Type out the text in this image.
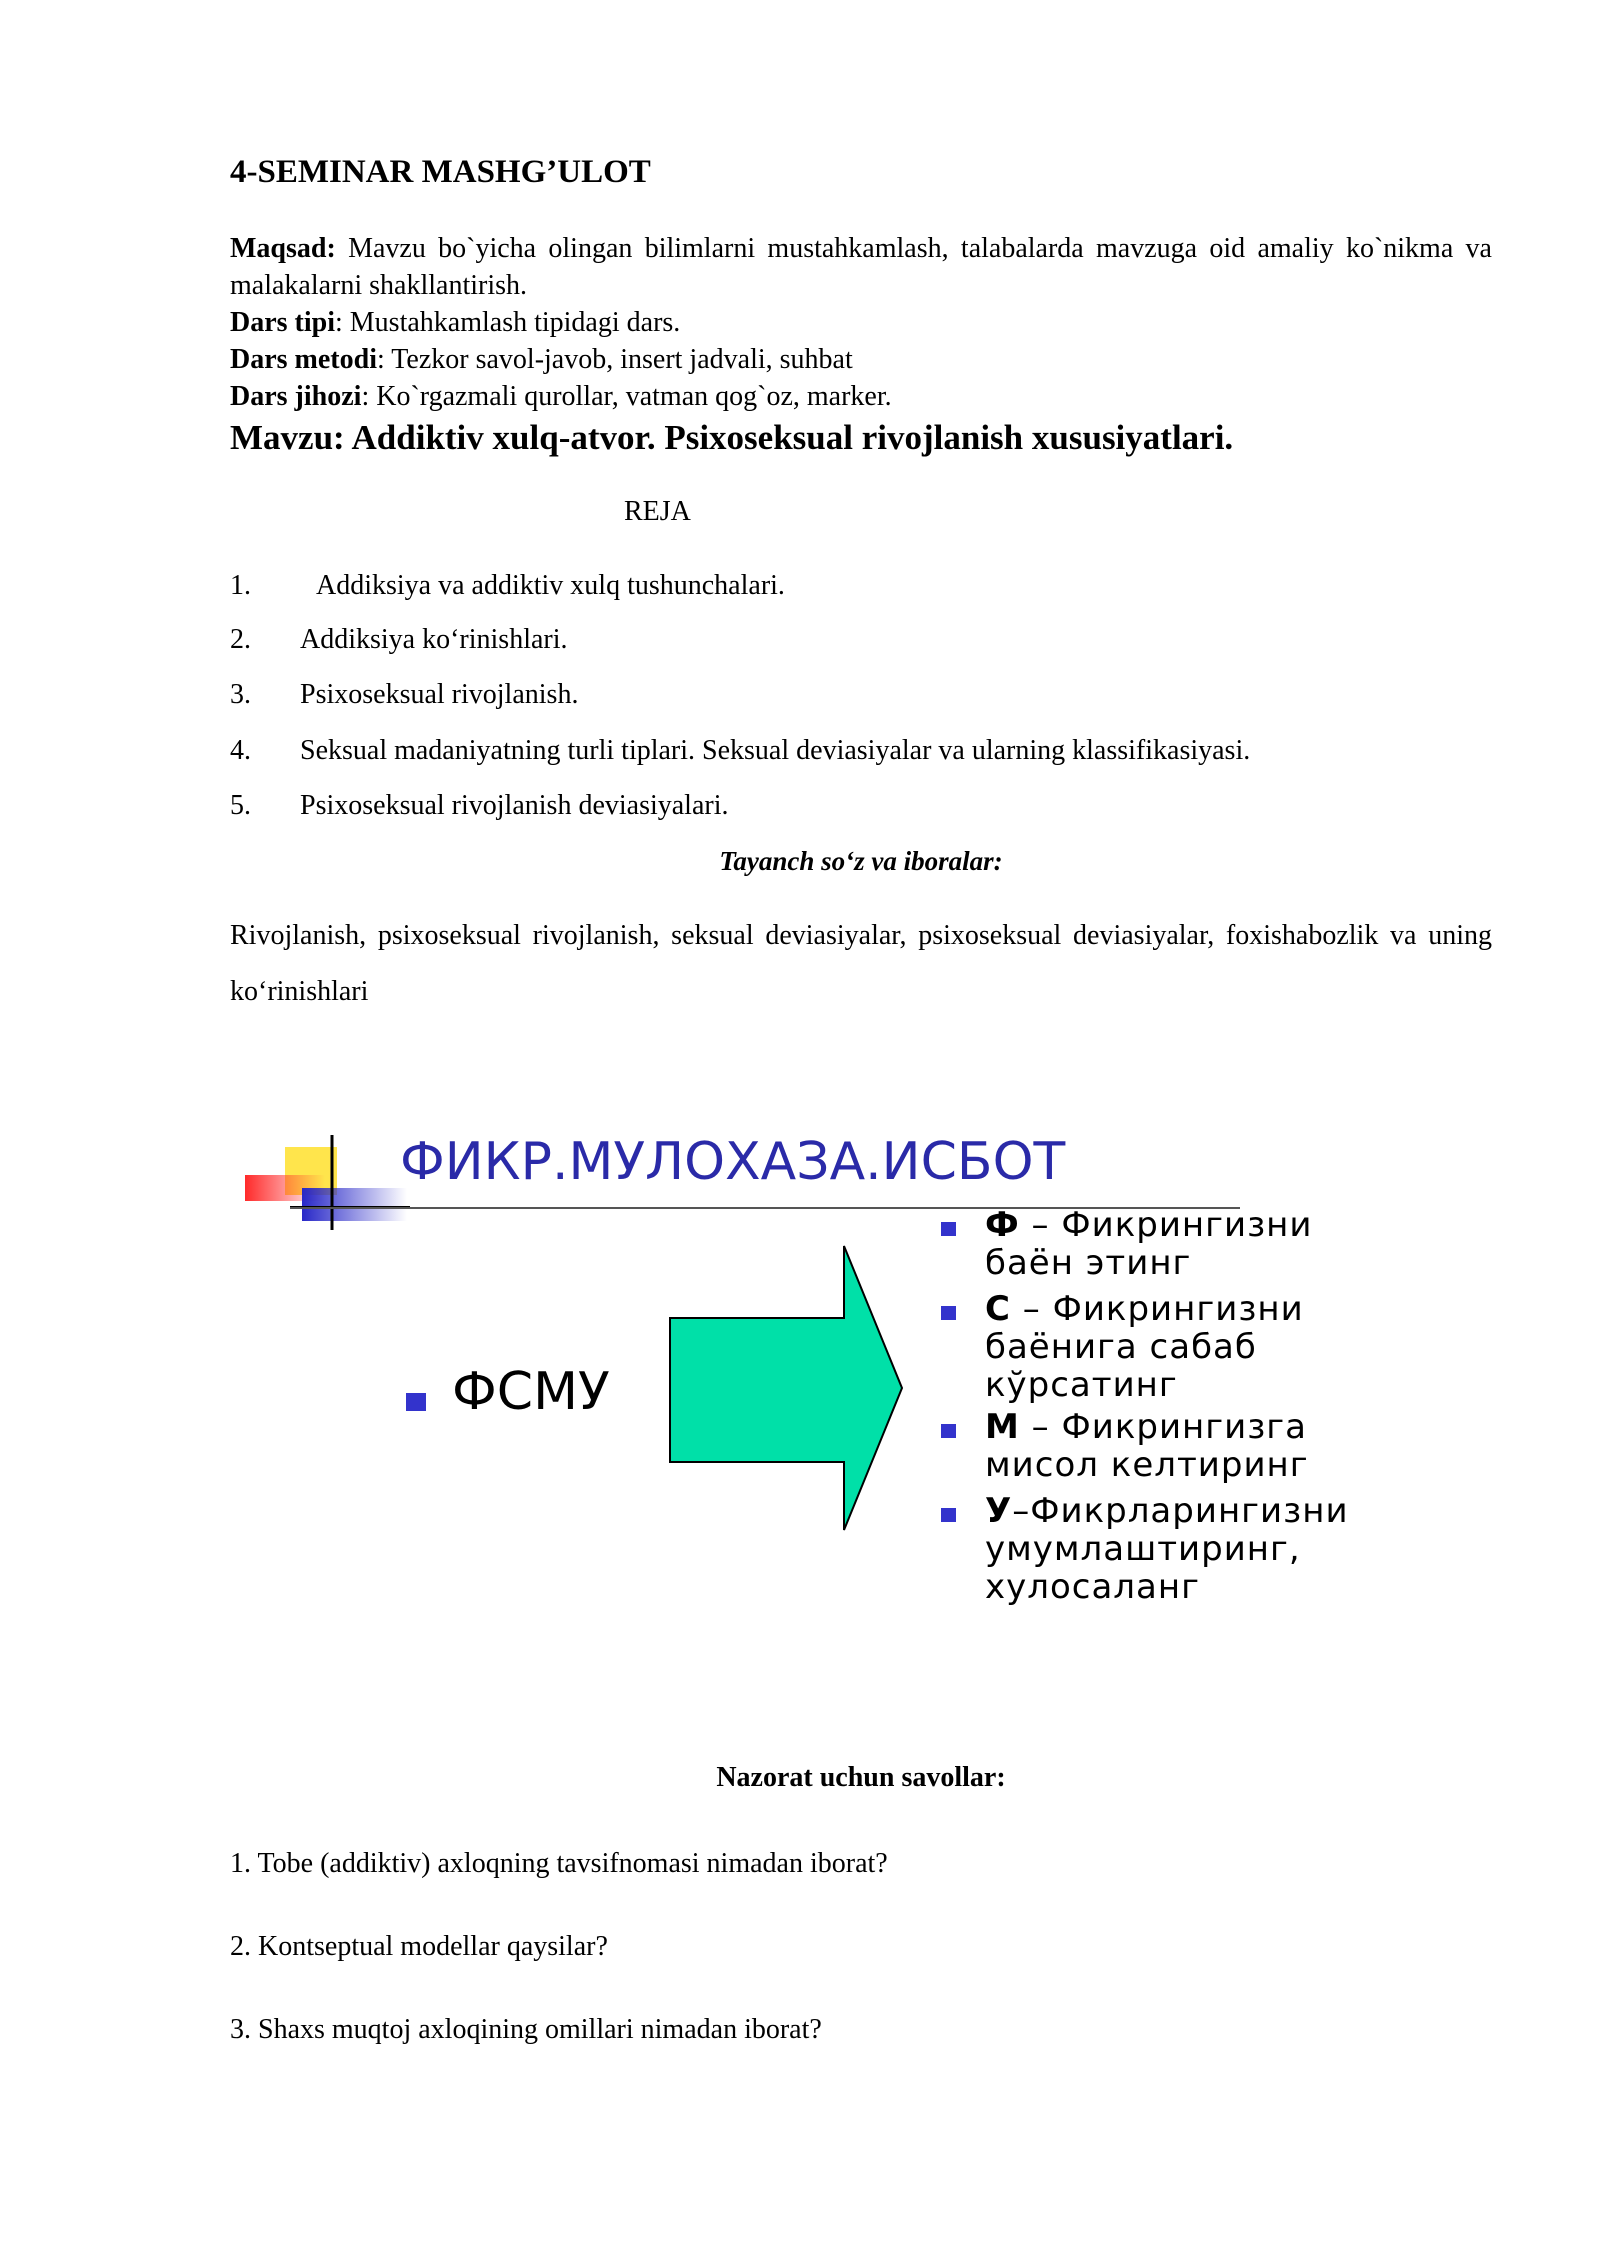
4-SEMINAR MASHG’ULOT
Maqsad: Mavzu bo`yicha olingan bilimlarni mustahkamlash, talabalarda mavzuga oid amaliy ko`nikma va malakalarni shakllantirish.
Dars tipi: Mustahkamlash tipidagi dars.
Dars metodi: Tezkor savol-javob, insert jadvali, suhbat
Dars jihozi: Ko`rgazmali qurollar, vatman qog`oz, marker.
Mavzu: Addiktiv xulq-atvor. Psixoseksual rivojlanish xususiyatlari.
REJA
1. Addiksiya va addiktiv xulq tushunchalari.
2. Addiksiya ko‘rinishlari.
3. Psixoseksual rivojlanish.
4. Seksual madaniyatning turli tiplari. Seksual deviasiyalar va ularning klassifikasiyasi.
5. Psixoseksual rivojlanish deviasiyalari.
Tayanch so‘z va iboralar:
Rivojlanish, psixoseksual rivojlanish, seksual deviasiyalar, psixoseksual deviasiyalar, foxishabozlik va uning ko‘rinishlari
ФИКР.МУЛОХАЗА.ИСБОТ
ФСМУ
Ф – Фикрингизни
баён этинг
С – Фикрингизни
баёнига сабаб
кўрсатинг
М – Фикрингизга
мисол келтиринг
У–Фикрларингизни
умумлаштиринг,
хулосаланг
Nazorat uchun savollar:
1. Tobe (addiktiv) axloqning tavsifnomasi nimadan iborat?
2. Kontseptual modellar qaysilar?
3. Shaxs muqtoj axloqining omillari nimadan iborat?
